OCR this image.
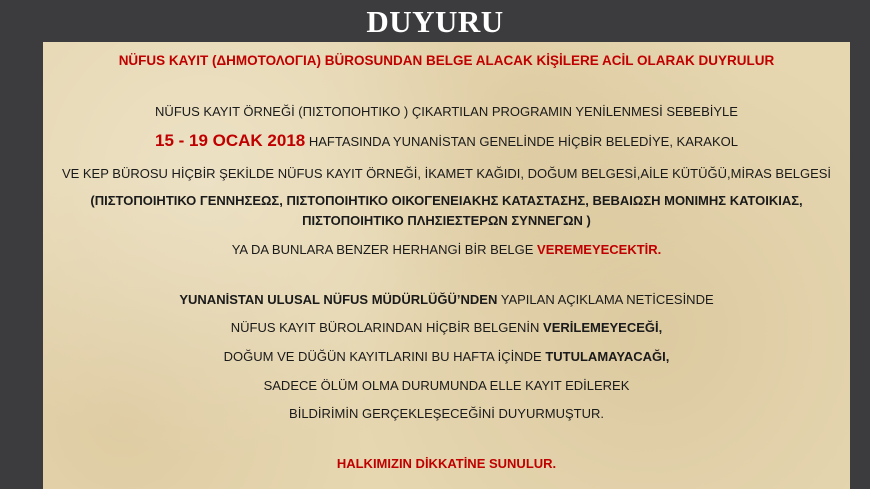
DUYURU
NÜFUS KAYIT (ΔΗΜΟΤΟΛΟΓΙΑ) BÜROSUNDAN BELGE ALACAK KİŞİLERE ACİL OLARAK DUYRULUR
NÜFUS KAYIT ÖRNEĞİ (ΠΙΣΤΟΠΟΗΤΙΚΟ ) ÇIKARTILAN PROGRAMIN YENİLENMESİ SEBEBİYLE
15 - 19 OCAK 2018 HAFTASINDA YUNANİSTAN GENELİNDE HİÇBİR BELEDİYE, KARAKOL
VE KEP BÜROSU HİÇBİR ŞEKİLDE NÜFUS KAYIT ÖRNEĞİ, İKAMET KAĞIDI, DOĞUM BELGESİ,AİLE KÜTÜĞÜ,MİRAS BELGESİ
(ΠΙΣΤΟΠΟΙΗΤΙΚΟ ΓΕΝΝΗΣΕΩΣ, ΠΙΣΤΟΠΟΙΗΤΙΚΟ ΟΙΚΟΓΕΝΕΙΑΚΗΣ ΚΑΤΑΣΤΑΣΗΣ, ΒΕΒΑΙΩΣΗ ΜΟΝΙΜΗΣ ΚΑΤΟΙΚΙΑΣ,
ΠΙΣΤΟΠΟΙΗΤΙΚΟ ΠΛΗΣΙΕΣΤΕΡΩΝ ΣΥΝΝΕΓΩΝ )
YA DA BUNLARA BENZER HERHANGİ BİR BELGE VEREMEYECEKTİR.
YUNANİSTAN ULUSAL NÜFUS MÜDÜRLÜĞÜ’NDEN YAPILAN AÇIKLAMA NETİCESİNDE
NÜFUS KAYIT BÜROLARINDAN HİÇBİR BELGENİN VERİLEMEYECEĞİ,
DOĞUM VE DÜĞÜN KAYITLARINI BU HAFTA İÇİNDE TUTULAMAYACAĞI,
SADECE ÖLÜM OLMA DURUMUNDA ELLE KAYIT EDİLEREK
BİLDİRİMİN GERÇEKLEŞECEĞİNİ DUYURMUŞTUR.
HALKIMIZIN DİKKATİNE SUNULUR.
